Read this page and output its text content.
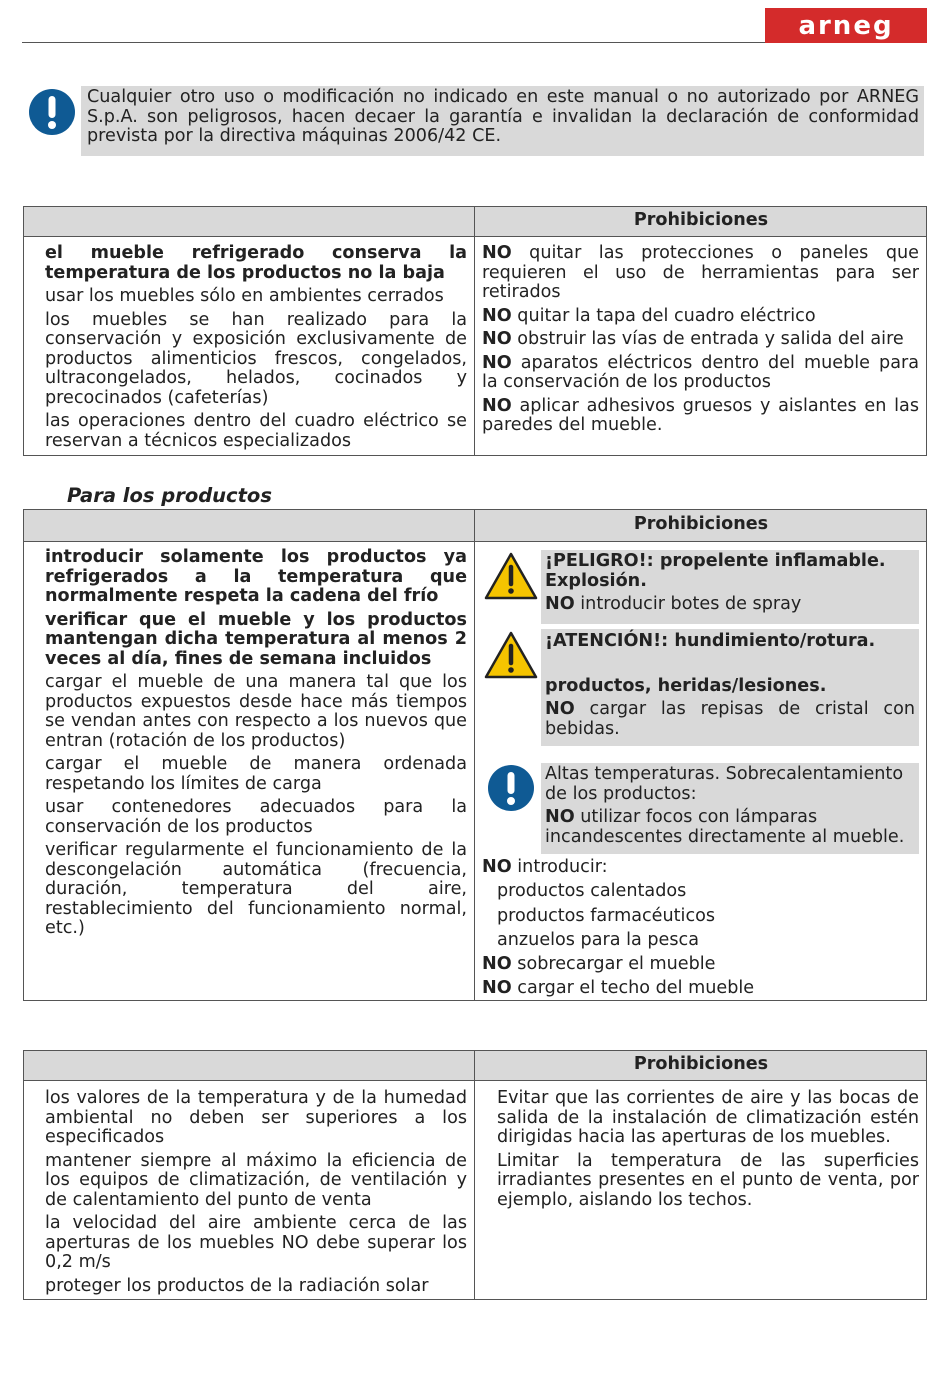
arneg
Cualquier otro uso o modificación no indicado en este manual o no autorizado por ARNEG S.p.A. son peligrosos, hacen decaer la garantía e invalidan la declaración de conformidad prevista por la directiva máquinas 2006/42 CE.
Prohibiciones
el mueble refrigerado conserva la temperatura de los productos no la baja
usar los muebles sólo en ambientes cerrados
los muebles se han realizado para la conservación y exposición exclusivamente de productos alimenticios frescos, congelados, ultracongelados, helados, cocinados y precocinados (cafeterías)
las operaciones dentro del cuadro eléctrico se reservan a técnicos especializados
NO quitar las protecciones o paneles que requieren el uso de herramientas para ser retirados
NO quitar la tapa del cuadro eléctrico
NO obstruir las vías de entrada y salida del aire
NO aparatos eléctricos dentro del mueble para la conservación de los productos
NO aplicar adhesivos gruesos y aislantes en las paredes del mueble.
Para los productos
Prohibiciones
introducir solamente los productos ya refrigerados a la temperatura que normalmente respeta la cadena del frío
verificar que el mueble y los productos mantengan dicha temperatura al menos 2 veces al día, fines de semana incluidos
cargar el mueble de una manera tal que los productos expuestos desde hace más tiempos se vendan antes con respecto a los nuevos que entran (rotación de los productos)
cargar el mueble de manera ordenada respetando los límites de carga
usar contenedores adecuados para la conservación de los productos
verificar regularmente el funcionamiento de la descongelación automática (frecuencia, duración, temperatura del aire, restablecimiento del funcionamiento normal, etc.)
¡PELIGRO!: propelente inflamable. Explosión.
NO introducir botes de spray
¡ATENCIÓN!: hundimiento/rotura.
productos, heridas/lesiones.
NO cargar las repisas de cristal con bebidas.
Altas temperaturas. Sobrecalentamiento de los productos:
NO utilizar focos con lámparas incandescentes directamente al mueble.
NO introducir:
productos calentados
productos farmacéuticos
anzuelos para la pesca
NO sobrecargar el mueble
NO cargar el techo del mueble
Prohibiciones
los valores de la temperatura y de la humedad ambiental no deben ser superiores a los especificados
mantener siempre al máximo la eficiencia de los equipos de climatización, de ventilación y de calentamiento del punto de venta
la velocidad del aire ambiente cerca de las aperturas de los muebles NO debe superar los 0,2 m/s
proteger los productos de la radiación solar
Evitar que las corrientes de aire y las bocas de salida de la instalación de climatización estén dirigidas hacia las aperturas de los muebles.
Limitar la temperatura de las superficies irradiantes presentes en el punto de venta, por ejemplo, aislando los techos.
